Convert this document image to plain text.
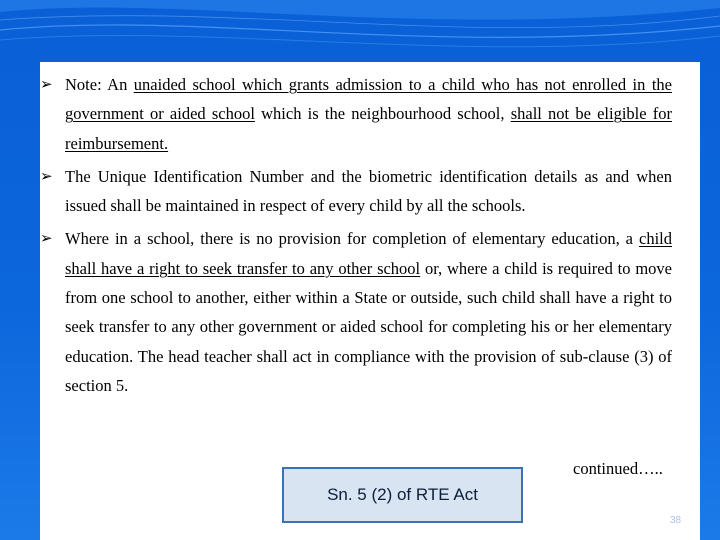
➢ Note: An unaided school which grants admission to a child who has not enrolled in the government or aided school which is the neighbourhood school, shall not be eligible for reimbursement.
➢ The Unique Identification Number and the biometric identification details as and when issued shall be maintained in respect of every child by all the schools.
➢ Where in a school, there is no provision for completion of elementary education, a child shall have a right to seek transfer to any other school or, where a child is required to move from one school to another, either within a State or outside, such child shall have a right to seek transfer to any other government or aided school for completing his or her elementary education. The head teacher shall act in compliance with the provision of sub-clause (3) of section 5.
Sn. 5 (2) of RTE Act
continued…..
38
